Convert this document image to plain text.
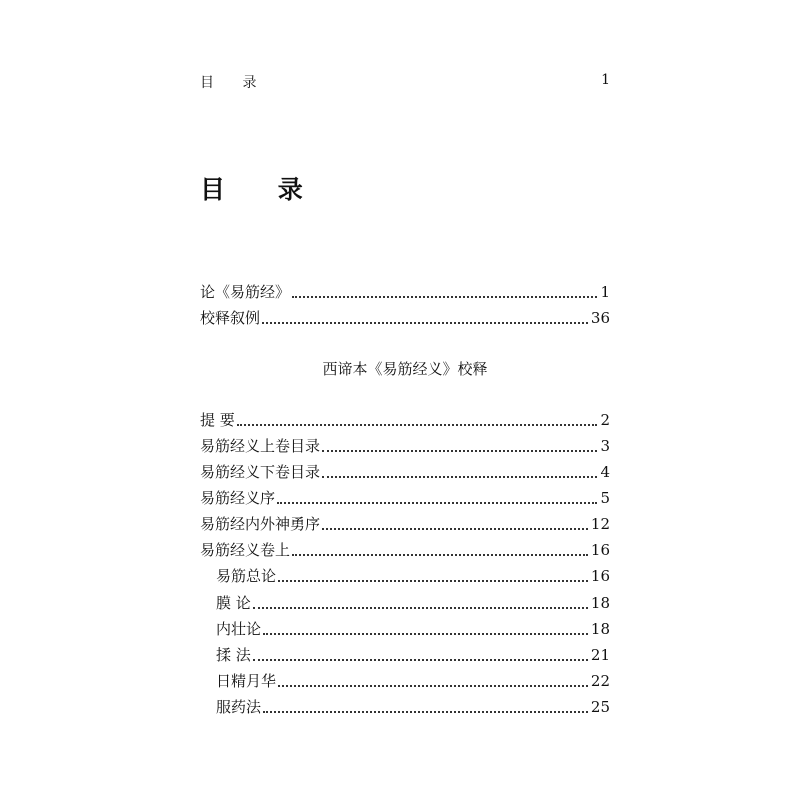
目 录	1
目 录
论《易筋经》	1
校释叙例	36
西谛本《易筋经义》校释
提 要	2
易筋经义上卷目录	3
易筋经义下卷目录	4
易筋经义序	5
易筋经内外神勇序	12
易筋经义卷上	16
易筋总论	16
膜 论	18
内壮论	18
揉 法	21
日精月华	22
服药法	25
